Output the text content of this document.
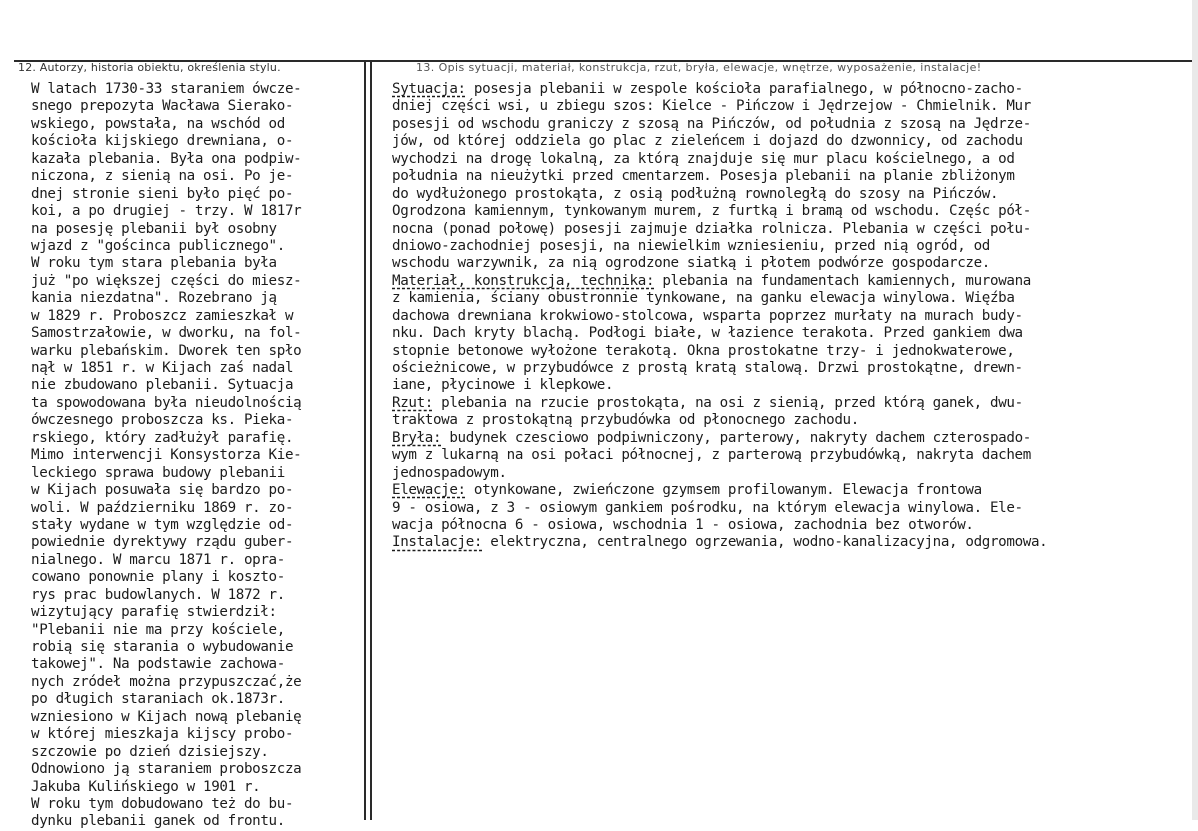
12. Autorzy, historia obiektu, określenia stylu.	13. Opis sytuacji, materiał, konstrukcja, rzut, bryła, elewacje, wnętrze, wyposażenie, instalacje!
W latach 1730-33 staraniem ówcze-
snego prepozyta Wacława Sierako-
wskiego, powstała, na wschód od
kościoła kijskiego drewniana, o-
kazała plebania. Była ona podpiw-
niczona, z sienią na osi. Po je-
dnej stronie sieni było pięć po-
koi, a po drugiej - trzy. W 1817r
na posesję plebanii był osobny
wjazd z "gościnca publicznego".
W roku tym stara plebania była
już "po większej części do miesz-
kania niezdatna". Rozebrano ją
w 1829 r. Proboszcz zamieszkał w
Samostrzałowie, w dworku, na fol-
warku plebańskim. Dworek ten spło
nął w 1851 r. w Kijach zaś nadal
nie zbudowano plebanii. Sytuacja
ta spowodowana była nieudolnością
ówczesnego proboszcza ks. Pieka-
rskiego, który zadłużył parafię.
Mimo interwencji Konsystorza Kie-
leckiego sprawa budowy plebanii
w Kijach posuwała się bardzo po-
woli. W październiku 1869 r. zo-
stały wydane w tym względzie od-
powiednie dyrektywy rządu guber-
nialnego. W marcu 1871 r. opra-
cowano ponownie plany i kosztо-
rys prac budowlanych. W 1872 r.
wizytujący parafię stwierdził:
"Plebanii nie ma przy kościele,
robią się starania o wybudowanie
takowej". Na podstawie zachowa-
nych zródeł można przypuszczać,że
po długich staraniach ok.1873r.
wzniesiono w Kijach nową plebanię
w której mieszkaja kijscy probo-
szczowie po dzień dzisiejszy.
Odnowiono ją staraniem proboszcza
Jakuba Kulińskiego w 1901 r.
W roku tym dobudowano też do bu-
dynku plebanii ganek od frontu.
Sytuacja: posesja plebanii w zespole kościoła parafialnego, w północno-zacho-
dniej części wsi, u zbiegu szos: Kielce - Pińczow i Jędrzejow - Chmielnik. Mur
posesji od wschodu graniczy z szosą na Pińczów, od południa z szosą na Jędrze-
jów, od której oddziela go plac z zieleńcem i dojazd do dzwonnicy, od zachodu
wychodzi na drogę lokalną, za którą znajduje się mur placu kościelnego, a od
południa na nieużytki przed cmentarzem. Posesja plebanii na planie zbliżonym
do wydłużonego prostokąta, z osią podłużną rownoległą do szosy na Pińczów.
Ogrodzona kamiennym, tynkowanym murem, z furtką i bramą od wschodu. Częśc pół-
nocna (ponad połowę) posesji zajmuje działka rolnicza. Plebania w części połu-
dniowo-zachodniej posesji, na niewielkim wzniesieniu, przed nią ogród, od
wschodu warzywnik, za nią ogrodzone siatką i płotem podwórze gospodarcze.
Materiał, konstrukcja, technika: plebania na fundamentach kamiennych, murowana
z kamienia, ściany obustronnie tynkowane, na ganku elewacja winylowa. Więźba
dachowa drewniana krokwiowo-stolcowa, wsparta poprzez murłaty na murach budy-
nku. Dach kryty blachą. Podłogi białe, w łazience terakota. Przed gankiem dwa
stopnie betonowe wyłożone terakotą. Okna prostokatne trzy- i jednokwaterowe,
ościeżnicowe, w przybudówce z prostą kratą stalową. Drzwi prostokątne, drewn-
iane, płycinowe i klepkowe.
Rzut: plebania na rzucie prostokąta, na osi z sienią, przed którą ganek, dwu-
traktowa z prostokątną przybudówka od płonocnego zachodu.
Bryła: budynek czesciowo podpiwniczony, parterowy, nakryty dachem czterospado-
wym z lukarną na osi połaci północnej, z parterową przybudówką, nakryta dachem
jednospadowym.
Elewacje: otynkowane, zwieńczone gzymsem profilowanym. Elewacja frontowa
9 - osiowa, z 3 - osiowym gankiem pośrodku, na którym elewacja winylowa. Ele-
wacja północna 6 - osiowa, wschodnia 1 - osiowa, zachodnia bez otworów.
Instalacje: elektryczna, centralnego ogrzewania, wodno-kanalizacyjna, odgromowa.
